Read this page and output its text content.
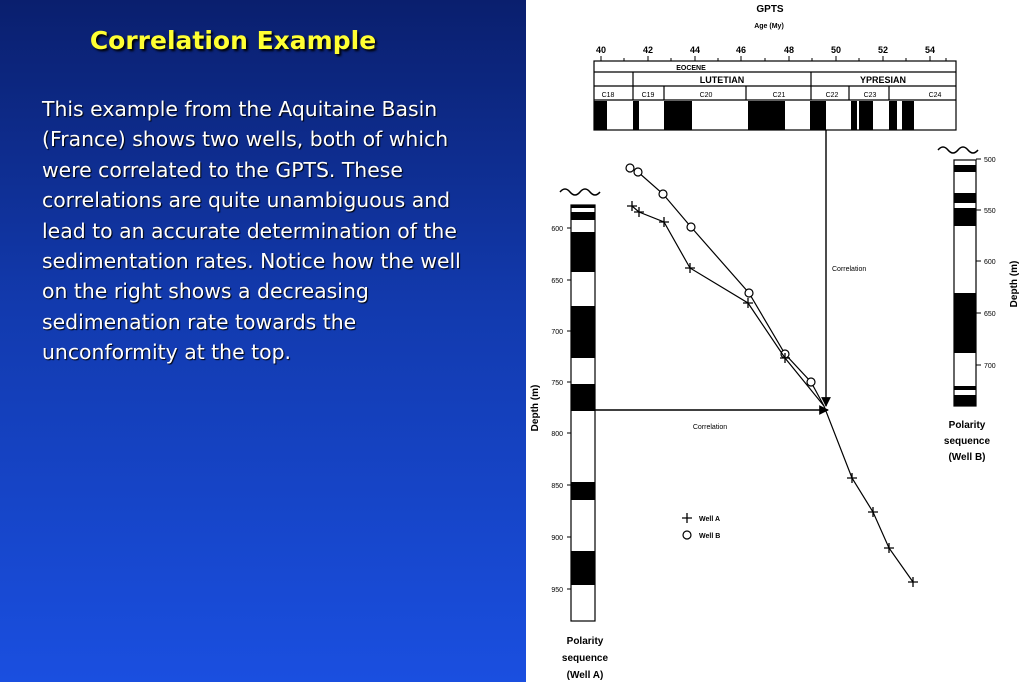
Correlation Example
This example from the Aquitaine Basin (France) shows two wells, both of which were correlated to the GPTS. These correlations are quite unambiguous and lead to an accurate determination of the sedimentation rates. Notice how the well on the right shows a decreasing sedimenation rate towards the unconformity at the top.
GPTS
Age (My)
40	42	44	46	48	50	52	54
EOCENE
LUTETIAN	YPRESIAN
C18	C19	C20	C21	C22	C23	C24
600
650
700
750
800
850
900
950
Depth (m)
Polarity
sequence
(Well A)
Correlation
Correlation
500
550
600
650
700
Depth (m)
Polarity
sequence
(Well B)
Well A
Well B
